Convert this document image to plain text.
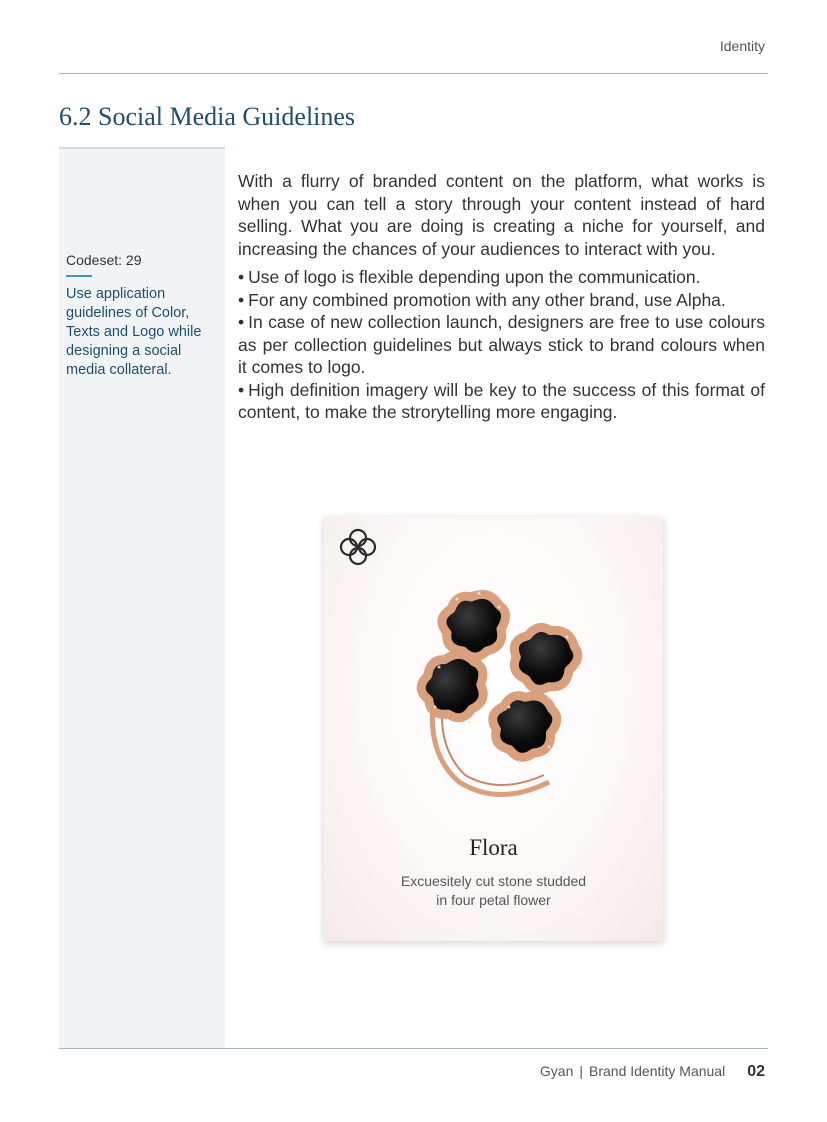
Identity
6.2 Social Media Guidelines
Codeset: 29
Use application guidelines of Color, Texts and Logo while designing a social media collateral.

With a flurry of branded content on the platform, what works is when you can tell a story through your content instead of hard selling. What you are doing is creating a niche for yourself, and increasing the chances of your audiences to interact with you.

• Use of logo is flexible depending upon the communication.
• For any combined promotion with any other brand, use Alpha.
• In case of new collection launch, designers are free to use colours as per collection guidelines but always stick to brand colours when it comes to logo.
• High definition imagery will be key to the success of this format of content, to make the strorytelling more engaging.
Flora
Excuesitely cut stone studded
in four petal flower
Gyan | Brand Identity Manual 02
